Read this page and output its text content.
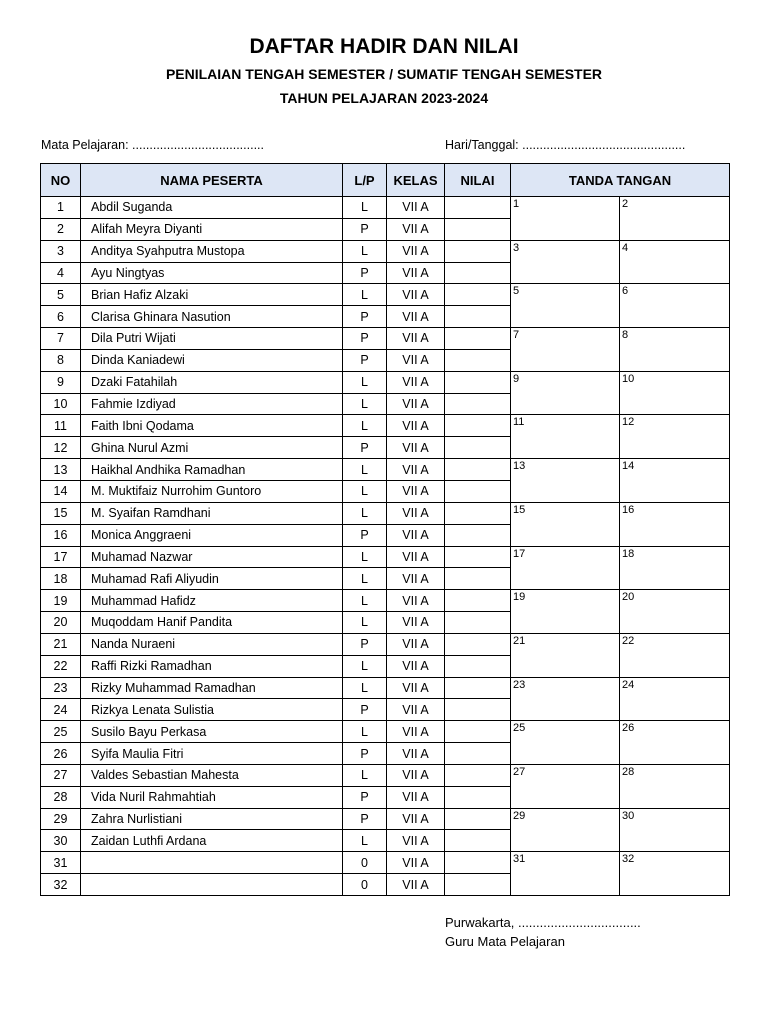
DAFTAR HADIR DAN NILAI
PENILAIAN TENGAH SEMESTER / SUMATIF TENGAH SEMESTER
TAHUN PELAJARAN 2023-2024
Mata Pelajaran: ......................................	Hari/Tanggal: ...............................................
NO	NAMA PESERTA	L/P	KELAS	NILAI	TANDA TANGAN	
1	Abdil Suganda	L	VII A		1	2

2	Alifah Meyra Diyanti	P	VII A			
3	Anditya Syahputra Mustopa	L	VII A		3	4

4	Ayu Ningtyas	P	VII A			
5	Brian Hafiz Alzaki	L	VII A		5	6

6	Clarisa Ghinara Nasution	P	VII A			
7	Dila Putri Wijati	P	VII A		7	8

8	Dinda Kaniadewi	P	VII A			
9	Dzaki Fatahilah	L	VII A		9	10

10	Fahmie Izdiyad	L	VII A			
11	Faith Ibni Qodama	L	VII A		11	12

12	Ghina Nurul Azmi	P	VII A			
13	Haikhal Andhika Ramadhan	L	VII A		13	14

14	M. Muktifaiz Nurrohim Guntoro	L	VII A			
15	M. Syaifan Ramdhani	L	VII A		15	16

16	Monica Anggraeni	P	VII A			
17	Muhamad Nazwar	L	VII A		17	18

18	Muhamad Rafi Aliyudin	L	VII A			
19	Muhammad Hafidz	L	VII A		19	20

20	Muqoddam Hanif Pandita	L	VII A			
21	Nanda Nuraeni	P	VII A		21	22

22	Raffi Rizki Ramadhan	L	VII A			
23	Rizky Muhammad Ramadhan	L	VII A		23	24

24	Rizkya Lenata Sulistia	P	VII A			
25	Susilo Bayu Perkasa	L	VII A		25	26

26	Syifa Maulia Fitri	P	VII A			
27	Valdes Sebastian Mahesta	L	VII A		27	28

28	Vida Nuril Rahmahtiah	P	VII A			
29	Zahra Nurlistiani	P	VII A		29	30

30	Zaidan Luthfi Ardana	L	VII A			
31		0	VII A		31	32

32		0	VII A			
Purwakarta, ..................................
Guru Mata Pelajaran
